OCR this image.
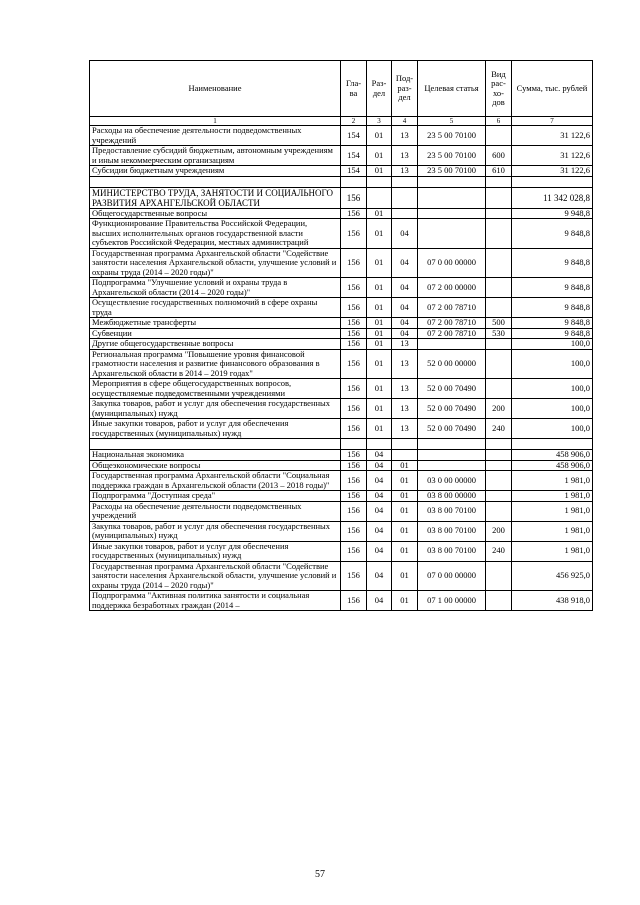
Наименование	Гла-ва	Раз-дел	Под-раз-дел	Целевая статья	Вид рас-хо-дов	Сумма, тыс. рублей
1	2	3	4	5	6	7
Расходы на обеспечение деятельности подведомственных учреждений	154	01	13	23 5 00 70100		31 122,6
Предоставление субсидий бюджетным, автономным учреждениям и иным некоммерческим организациям	154	01	13	23 5 00 70100	600	31 122,6
Субсидии бюджетным учреждениям	154	01	13	23 5 00 70100	610	31 122,6

МИНИСТЕРСТВО ТРУДА, ЗАНЯТОСТИ И СОЦИАЛЬНОГО РАЗВИТИЯ АРХАНГЕЛЬСКОЙ ОБЛАСТИ	156					11 342 028,8
Общегосударственные вопросы	156	01				9 948,8
Функционирование Правительства Российской Федерации, высших исполнительных органов государственной власти субъектов Российской Федерации, местных администраций	156	01	04			9 848,8
Государственная программа Архангельской области "Содействие занятости населения Архангельской области, улучшение условий и охраны труда (2014 – 2020 годы)"	156	01	04	07 0 00 00000		9 848,8
Подпрограмма "Улучшение условий и охраны труда в Архангельской области (2014 – 2020 годы)"	156	01	04	07 2 00 00000		9 848,8
Осуществление государственных полномочий в сфере охраны труда	156	01	04	07 2 00 78710		9 848,8
Межбюджетные трансферты	156	01	04	07 2 00 78710	500	9 848,8
Субвенции	156	01	04	07 2 00 78710	530	9 848,8
Другие общегосударственные вопросы	156	01	13			100,0
Региональная программа "Повышение уровня финансовой грамотности населения и развитие финансового образования в Архангельской области в 2014 – 2019 годах"	156	01	13	52 0 00 00000		100,0
Мероприятия в сфере общегосударственных вопросов, осуществляемые подведомственными учреждениями	156	01	13	52 0 00 70490		100,0
Закупка товаров, работ и услуг для обеспечения государственных (муниципальных) нужд	156	01	13	52 0 00 70490	200	100,0
Иные закупки товаров, работ и услуг для обеспечения государственных (муниципальных) нужд	156	01	13	52 0 00 70490	240	100,0

Национальная экономика	156	04				458 906,0
Общеэкономические вопросы	156	04	01			458 906,0
Государственная программа Архангельской области "Социальная поддержка граждан в Архангельской области (2013 – 2018 годы)"	156	04	01	03 0 00 00000		1 981,0
Подпрограмма "Доступная среда"	156	04	01	03 8 00 00000		1 981,0
Расходы на обеспечение деятельности подведомственных учреждений	156	04	01	03 8 00 70100		1 981,0
Закупка товаров, работ и услуг для обеспечения государственных (муниципальных) нужд	156	04	01	03 8 00 70100	200	1 981,0
Иные закупки товаров, работ и услуг для обеспечения государственных (муниципальных) нужд	156	04	01	03 8 00 70100	240	1 981,0
Государственная программа Архангельской области "Содействие занятости населения Архангельской области, улучшение условий и охраны труда (2014 – 2020 годы)"	156	04	01	07 0 00 00000		456 925,0
Подпрограмма "Активная политика занятости и социальная поддержка безработных граждан (2014 –	156	04	01	07 1 00 00000		438 918,0
57
